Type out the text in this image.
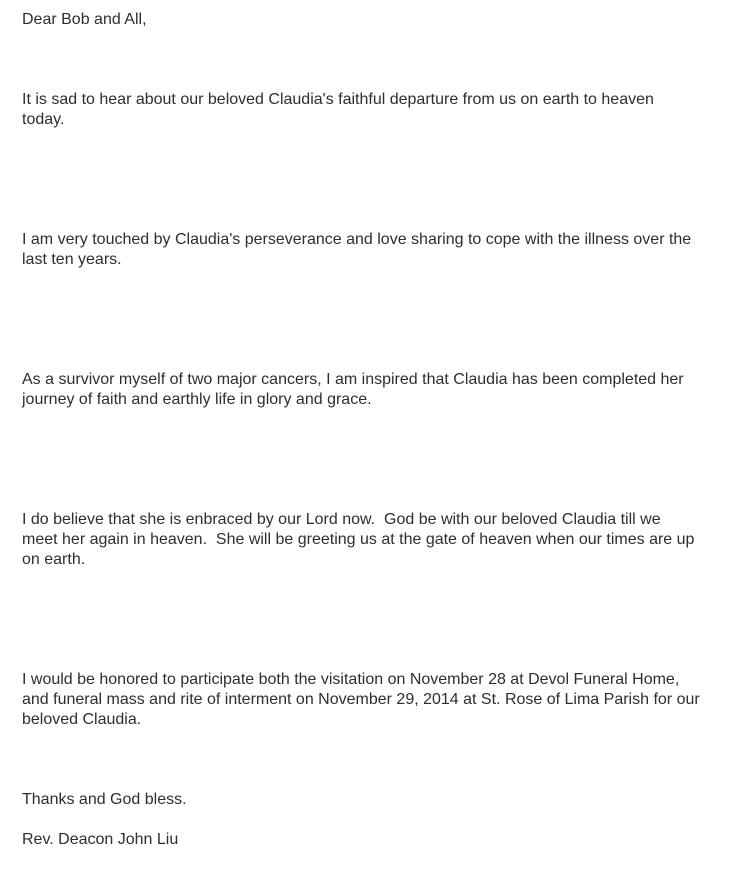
Dear Bob and All,

It is sad to hear about our beloved Claudia's faithful departure from us on earth to heaven
today.

I am very touched by Claudia's perseverance and love sharing to cope with the illness over the
last ten years.

As a survivor myself of two major cancers, I am inspired that Claudia has been completed her
journey of faith and earthly life in glory and grace.

I do believe that she is enbraced by our Lord now.  God be with our beloved Claudia till we
meet her again in heaven.  She will be greeting us at the gate of heaven when our times are up
on earth.

I would be honored to participate both the visitation on November 28 at Devol Funeral Home,
and funeral mass and rite of interment on November 29, 2014 at St. Rose of Lima Parish for our
beloved Claudia.

Thanks and God bless.

Rev. Deacon John Liu
